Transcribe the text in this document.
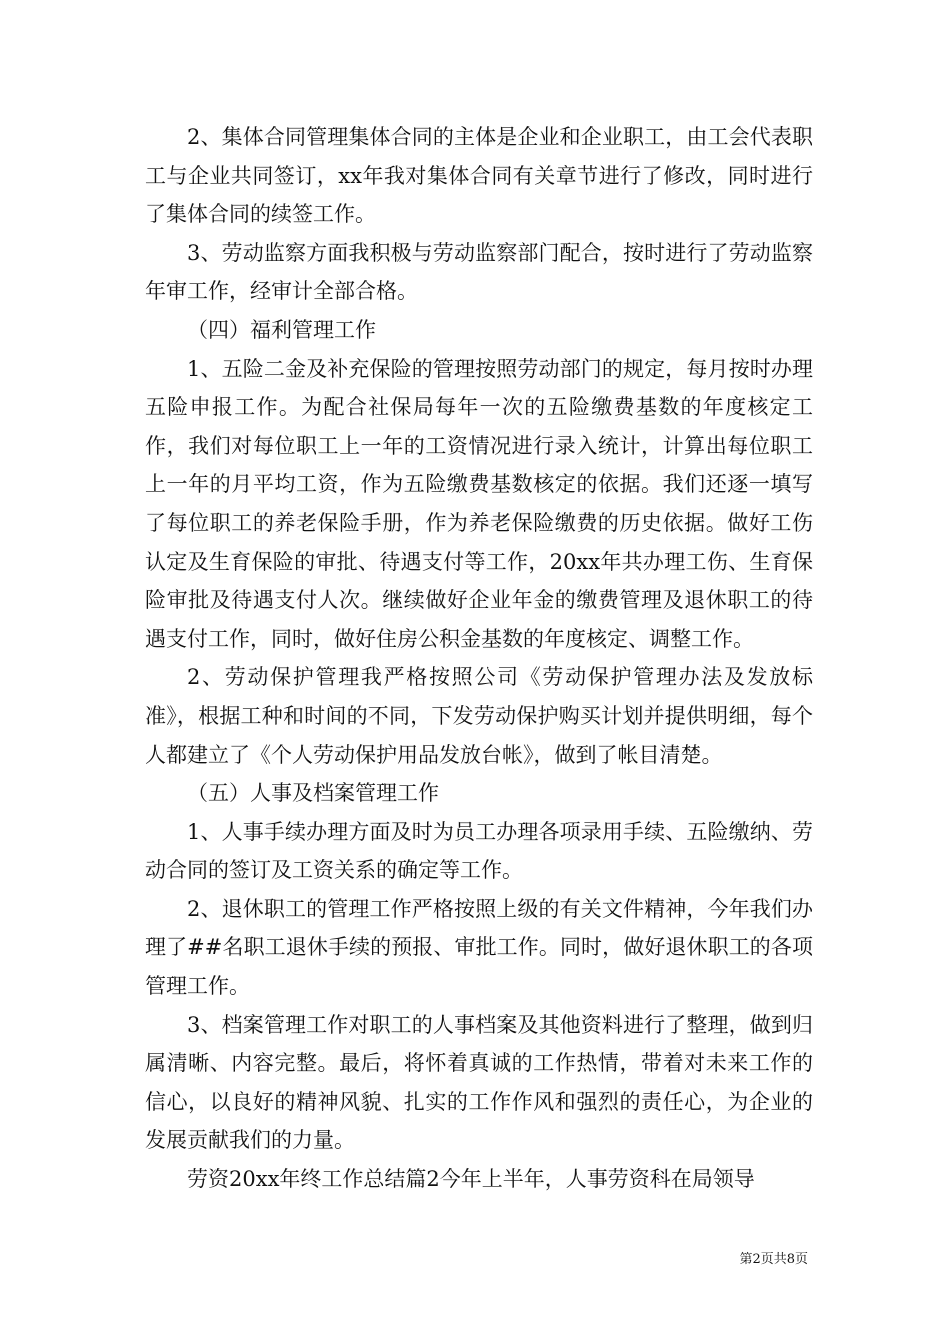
2、集体合同管理集体合同的主体是企业和企业职工，由工会代表职工与企业共同签订，xx年我对集体合同有关章节进行了修改，同时进行了集体合同的续签工作。

3、劳动监察方面我积极与劳动监察部门配合，按时进行了劳动监察年审工作，经审计全部合格。

（四）福利管理工作

1、五险二金及补充保险的管理按照劳动部门的规定，每月按时办理五险申报工作。为配合社保局每年一次的五险缴费基数的年度核定工作，我们对每位职工上一年的工资情况进行录入统计，计算出每位职工上一年的月平均工资，作为五险缴费基数核定的依据。我们还逐一填写了每位职工的养老保险手册，作为养老保险缴费的历史依据。做好工伤认定及生育保险的审批、待遇支付等工作，20xx年共办理工伤、生育保险审批及待遇支付人次。继续做好企业年金的缴费管理及退休职工的待遇支付工作，同时，做好住房公积金基数的年度核定、调整工作。

2、劳动保护管理我严格按照公司《劳动保护管理办法及发放标准》，根据工种和时间的不同，下发劳动保护购买计划并提供明细，每个人都建立了《个人劳动保护用品发放台帐》，做到了帐目清楚。

（五）人事及档案管理工作

1、人事手续办理方面及时为员工办理各项录用手续、五险缴纳、劳动合同的签订及工资关系的确定等工作。

2、退休职工的管理工作严格按照上级的有关文件精神，今年我们办理了##名职工退休手续的预报、审批工作。同时，做好退休职工的各项管理工作。

3、档案管理工作对职工的人事档案及其他资料进行了整理，做到归属清晰、内容完整。最后，将怀着真诚的工作热情，带着对未来工作的信心，以良好的精神风貌、扎实的工作作风和强烈的责任心，为企业的发展贡献我们的力量。

劳资20xx年终工作总结篇2今年上半年，人事劳资科在局领导

第2页共8页
